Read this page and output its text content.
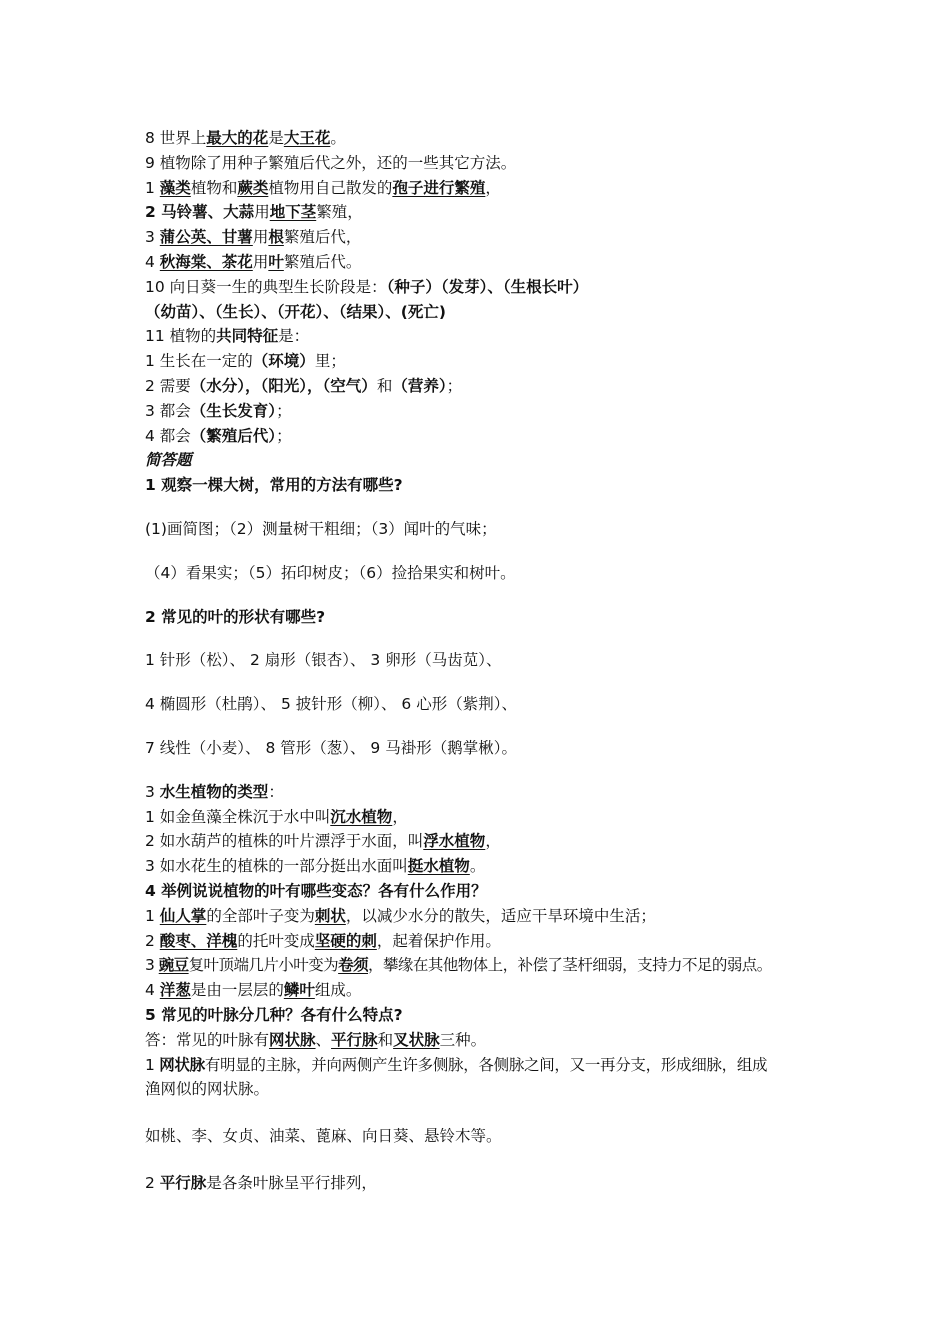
8 世界上最大的花是大王花。
9 植物除了用种子繁殖后代之外，还的一些其它方法。
1 藻类植物和蕨类植物用自己散发的孢子进行繁殖，
2 马铃薯、大蒜用地下茎繁殖，
3 蒲公英、甘薯用根繁殖后代，
4 秋海棠、茶花用叶繁殖后代。
10 向日葵一生的典型生长阶段是：（种子）（发芽）、（生根长叶）
（幼苗）、（生长）、（开花）、（结果）、(死亡)
11 植物的共同特征是：
1 生长在一定的（环境）里；
2 需要（水分），（阳光），（空气）和（营养）；
3 都会（生长发育）；
4 都会（繁殖后代）；
简答题
1 观察一棵大树，常用的方法有哪些?
(1)画简图；（2）测量树干粗细；（3）闻叶的气味；
（4）看果实；（5）拓印树皮；（6）捡拾果实和树叶。
2 常见的叶的形状有哪些?
1 针形（松）、 2 扇形（银杏）、 3 卵形（马齿苋）、
4 椭圆形（杜鹃）、 5 披针形（柳）、 6 心形（紫荆）、
7 线性（小麦）、 8 管形（葱）、 9 马褂形（鹅掌楸）。
3 水生植物的类型：
1 如金鱼藻全株沉于水中叫沉水植物，
2 如水葫芦的植株的叶片漂浮于水面，叫浮水植物，
3 如水花生的植株的一部分挺出水面叫挺水植物。
4 举例说说植物的叶有哪些变态？各有什么作用？
1 仙人掌的全部叶子变为刺状，以减少水分的散失，适应干旱环境中生活；
2 酸枣、洋槐的托叶变成坚硬的刺，起着保护作用。
3 豌豆复叶顶端几片小叶变为卷须，攀缘在其他物体上，补偿了茎杆细弱，支持力不足的弱点。
4 洋葱是由一层层的鳞叶组成。
5 常见的叶脉分几种？各有什么特点?
答：常见的叶脉有网状脉、平行脉和叉状脉三种。
1 网状脉有明显的主脉，并向两侧产生许多侧脉，各侧脉之间，又一再分支，形成细脉，组成
渔网似的网状脉。
如桃、李、女贞、油菜、蓖麻、向日葵、悬铃木等。
2 平行脉是各条叶脉呈平行排列，
